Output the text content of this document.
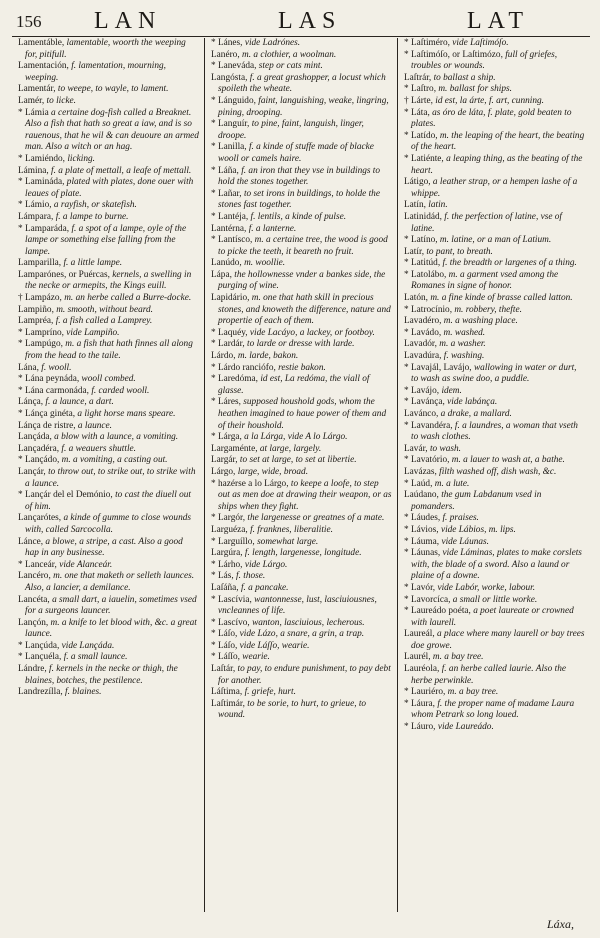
156 LAN	LAS	LAT

Lamentáble, lamentable, woorth the weeping for, pitifull.

Lamentación, f. lamentation, mourning, weeping.

Lamentár, to weepe, to wayle, to lament.

Lamér, to licke.

* Lámia a certaine dog-fish called a Breaknet. Also a fish that hath so great a iaw, and is so rauenous, that he wil & can deuoure an armed man. Also a witch or an hag.

* Lamiéndo, licking.

Lámina, f. a plate of mettall, a leafe of mettall.

* Lamináda, plated with plates, done ouer with leaues of plate.

* Lámio, a rayfish, or skatefish.

Lámpara, f. a lampe to burne.

* Lamparáda, f. a spot of a lampe, oyle of the lampe or something else falling from the lampe.

Lamparilla, f. a little lampe.

Lamparónes, or Puércas, kernels, a swelling in the necke or armepits, the Kings euill.

† Lampázo, m. an herbe called a Burre-docke.

Lampiño, m. smooth, without beard.

Lampréa, f. a fish called a Lamprey.

* Lampríno, vide Lampiño.

* Lampúgo, m. a fish that hath finnes all along from the head to the taile.

Lána, f. wooll.

* Lána peynáda, wooll combed.

* Lána carmonáda, f. carded wooll.

Lánça, f. a launce, a dart.

* Lánça ginéta, a light horse mans speare.

Lánça de ristre, a launce.

Lançáda, a blow with a launce, a vomiting.

Lançadéra, f. a weauers shuttle.

* Lançádo, m. a vomiting, a casting out.

Lançár, to throw out, to strike out, to strike with a launce.

* Lançár del el Demónio, to cast the diuell out of him.

Lançarótes, a kinde of gumme to close wounds with, called Sarcocolla.

Lánce, a blowe, a stripe, a cast. Also a good hap in any businesse.

* Lanceár, vide Alanceár.

Lancéro, m. one that maketh or selleth launces. Also, a lancier, a demilance.

Lancéta, a small dart, a iauelin, sometimes vsed for a surgeons launcer.

Lançón, m. a knife to let blood with, &c. a great launce.

* Lançúda, vide Lançáda.

* Lançuéla, f. a small launce.

Lándre, f. kernels in the necke or thigh, the blaines, botches, the pestilence.

Landrezílla, f. blaines.

* Lánes, vide Ladrónes.

Lanéro, m. a clothier, a woolman.

* Laneváda, step or cats mint.

Langósta, f. a great grashopper, a locust which spoileth the wheate.

* Lánguido, faint, languishing, weake, lingring, pining, drooping.

* Languír, to pine, faint, languish, linger, droope.

* Lanilla, f. a kinde of stuffe made of blacke wooll or camels haire.

* Láña, f. an iron that they vse in buildings to hold the stones together.

* Lañar, to set irons in buildings, to holde the stones fast together.

* Lantéja, f. lentils, a kinde of pulse.

Lantérna, f. a lanterne.

* Lantísco, m. a certaine tree, the wood is good to picke the teeth, it beareth no fruit.

Lanúdo, m. woollie.

Lápa, the hollownesse vnder a bankes side, the purging of wine.

Lapidário, m. one that hath skill in precious stones, and knoweth the difference, nature and propertie of each of them.

* Laquéy, vide Lacáyo, a lackey, or footboy.

* Lardár, to larde or dresse with larde.

Lárdo, m. larde, bakon.

* Lárdo ranciófo, restie bakon.

* Laredóma, id est, La redóma, the viall of glasse.

* Láres, supposed houshold gods, whom the heathen imagined to haue power of them and of their houshold.

* Lárga, a la Lárga, vide A lo Lárgo.

Largaménte, at large, largely.

Largár, to set at large, to set at libertie.

Lárgo, large, wide, broad.

* hazérse a lo Lárgo, to keepe a loofe, to step out as men doe at drawing their weapon, or as ships when they fight.

* Largór, the largenesse or greatnes of a mate.

Larguéza, f. franknes, liberalitie.

* Larguíllo, somewhat large.

Largúra, f. length, largenesse, longitude.

* Lárho, vide Lárgo.

* Lás, f. those.

Laſáña, f. a pancake.

* Lascívia, wantonnesse, lust, lasciuiousnes, vncleannes of life.

* Lascívo, wanton, lasciuious, lecherous.

* Láſo, vide Lázo, a snare, a grin, a trap.

* Láſo, vide Láſſo, wearie.

* Láſſo, wearie.

Laſtár, to pay, to endure punishment, to pay debt for another.

Láſtima, f. griefe, hurt.

Laſtimár, to be sorie, to hurt, to grieue, to wound.

* Laſtiméro, vide Laſtimóſo.

* Laſtimóſo, or Laſtimózo, full of griefes, troubles or wounds.

Laſtrár, to ballast a ship.

* Laſtro, m. ballast for ships.

† Lárte, id est, la árte, f. art, cunning.

* Láta, as óro de láta, f. plate, gold beaten to plates.

* Latído, m. the leaping of the heart, the beating of the heart.

* Latiénte, a leaping thing, as the beating of the heart.

Látigo, a leather strap, or a hempen lashe of a whippe.

Latín, latin.

Latinidád, f. the perfection of latine, vse of latine.

* Latíno, m. latine, or a man of Latium.

Latír, to pant, to breath.

* Latitúd, f. the breadth or largenes of a thing.

* Latolábo, m. a garment vsed among the Romanes in signe of honor.

Latón, m. a fine kinde of brasse called latton.

* Latrocínio, m. robbery, thefte.

Lavadéro, m. a washing place.

* Lavádo, m. washed.

Lavadór, m. a washer.

Lavadúra, f. washing.

* Lavajál, Lavájo, wallowing in water or durt, to wash as swine doo, a puddle.

* Lavájo, idem.

* Lavánça, vide labánça.

Lavánco, a drake, a mallard.

* Lavandéra, f. a laundres, a woman that vseth to wash clothes.

Lavár, to wash.

* Lavatório, m. a lauer to wash at, a bathe.

Lavázas, filth washed off, dish wash, &c.

* Laúd, m. a lute.

Laúdano, the gum Labdanum vsed in pomanders.

* Láudes, f. praises.

* Lávios, vide Lábios, m. lips.

* Láuma, vide Láunas.

* Láunas, vide Láminas, plates to make corslets with, the blade of a sword. Also a laund or plaine of a downe.

* Lavór, vide Labór, worke, labour.

* Lavorcíca, a small or little worke.

* Laureádo poéta, a poet laureate or crowned with laurell.

Laureál, a place where many laurell or bay trees doe growe.

Laurél, m. a bay tree.

Lauréola, f. an herbe called laurie. Also the herbe perwinkle.

* Lauriéro, m. a bay tree.

* Láura, f. the proper name of madame Laura whom Petrark so long loued.

* Láuro, vide Laureádo.

Láxa,
